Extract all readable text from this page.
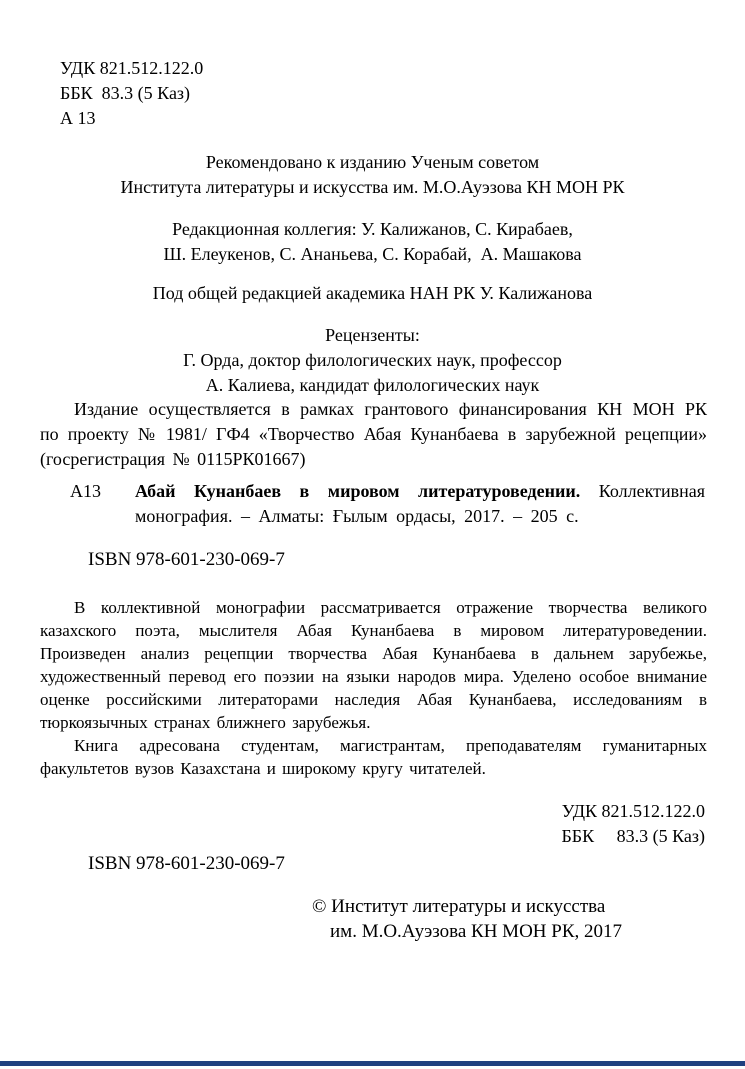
УДК 821.512.122.0
ББК  83.3 (5 Каз)
А 13
Рекомендовано к изданию Ученым советом
Института литературы и искусства им. М.О.Ауэзова КН МОН РК
Редакционная коллегия: У. Калижанов, С. Кирабаев,
Ш. Елеукенов, С. Ананьева, С. Корабай,  А. Машакова
Под общей редакцией академика НАН РК У. Калижанова
Рецензенты:
Г. Орда, доктор филологических наук, профессор
А. Калиева, кандидат филологических наук
Издание осуществляется в рамках грантового финансирования КН МОН РК по проекту № 1981/ ГФ4 «Творчество Абая Кунанбаева в зарубежной рецепции» (госрегистрация № 0115РК01667)
А13 Абай Кунанбаев в мировом литературоведении. Коллективная монография. – Алматы: Ғылым ордасы, 2017. – 205 с.
ISBN 978-601-230-069-7

В коллективной монографии рассматривается отражение творчества великого казахского поэта, мыслителя Абая Кунанбаева в мировом литературоведении. Произведен анализ рецепции творчества Абая Кунанбаева в дальнем зарубежье, художественный перевод его поэзии на языки народов мира. Уделено особое внимание оценке российскими литераторами наследия Абая Кунанбаева, исследованиям в тюркоязычных странах ближнего зарубежья.

Книга адресована студентам, магистрантам, преподавателям гуманитарных факультетов вузов Казахстана и широкому кругу читателей.

УДК 821.512.122.0
ББК     83.3 (5 Каз)
ISBN 978-601-230-069-7
© Институт литературы и искусства
им. М.О.Ауэзова КН МОН РК, 2017
